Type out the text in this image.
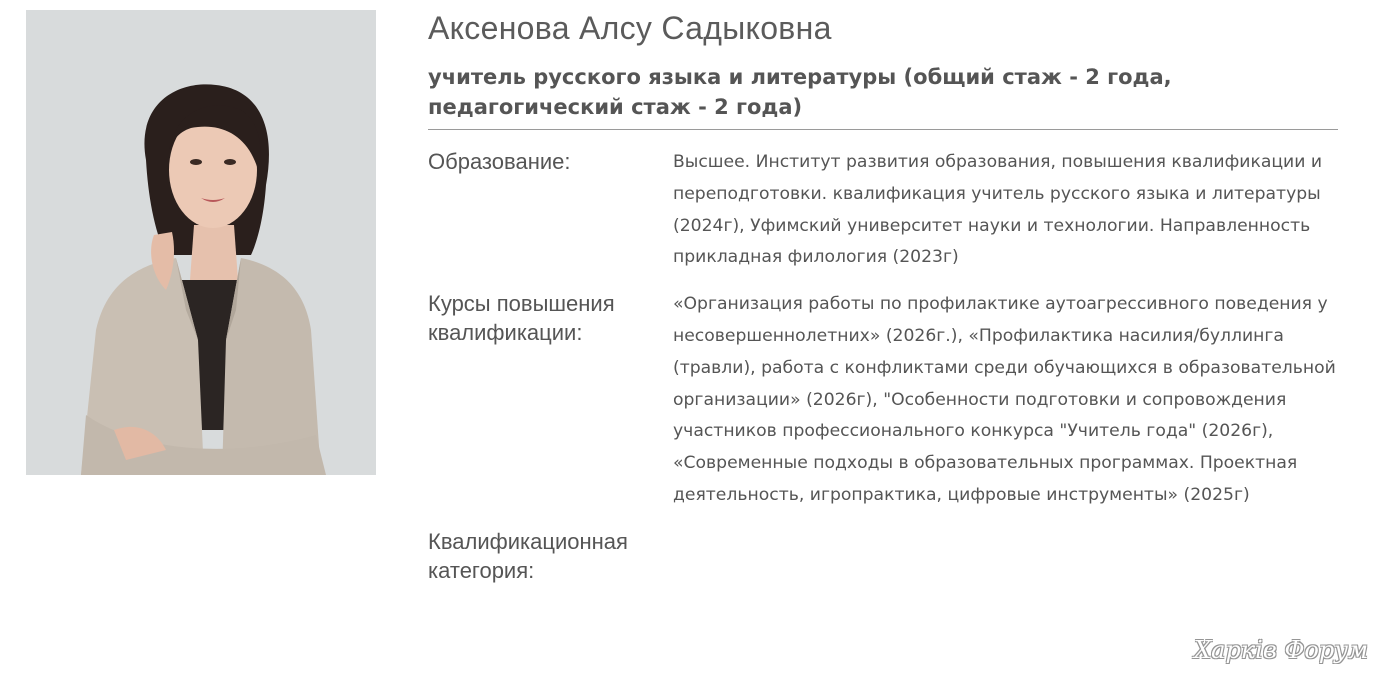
Аксенова Алсу Садыковна
учитель русского языка и литературы (общий стаж - 2 года, педагогический стаж - 2 года)
Образование:	Высшее. Институт развития образования, повышения квалификации и переподготовки. квалификация учитель русского языка и литературы (2024г), Уфимский университет науки и технологии. Направленность прикладная филология (2023г)
Курсы повышения квалификации:
«Организация работы по профилактике аутоагрессивного поведения у несовершеннолетних» (2026г.), «Профилактика насилия/буллинга (травли), работа с конфликтами среди обучающихся в образовательной организации» (2026г), "Особенности подготовки и сопровождения участников профессионального конкурса "Учитель года" (2026г), «Современные подходы в образовательных программах. Проектная деятельность, игропрактика, цифровые инструменты» (2025г)
Квалификационная категория:
Харків Форум
